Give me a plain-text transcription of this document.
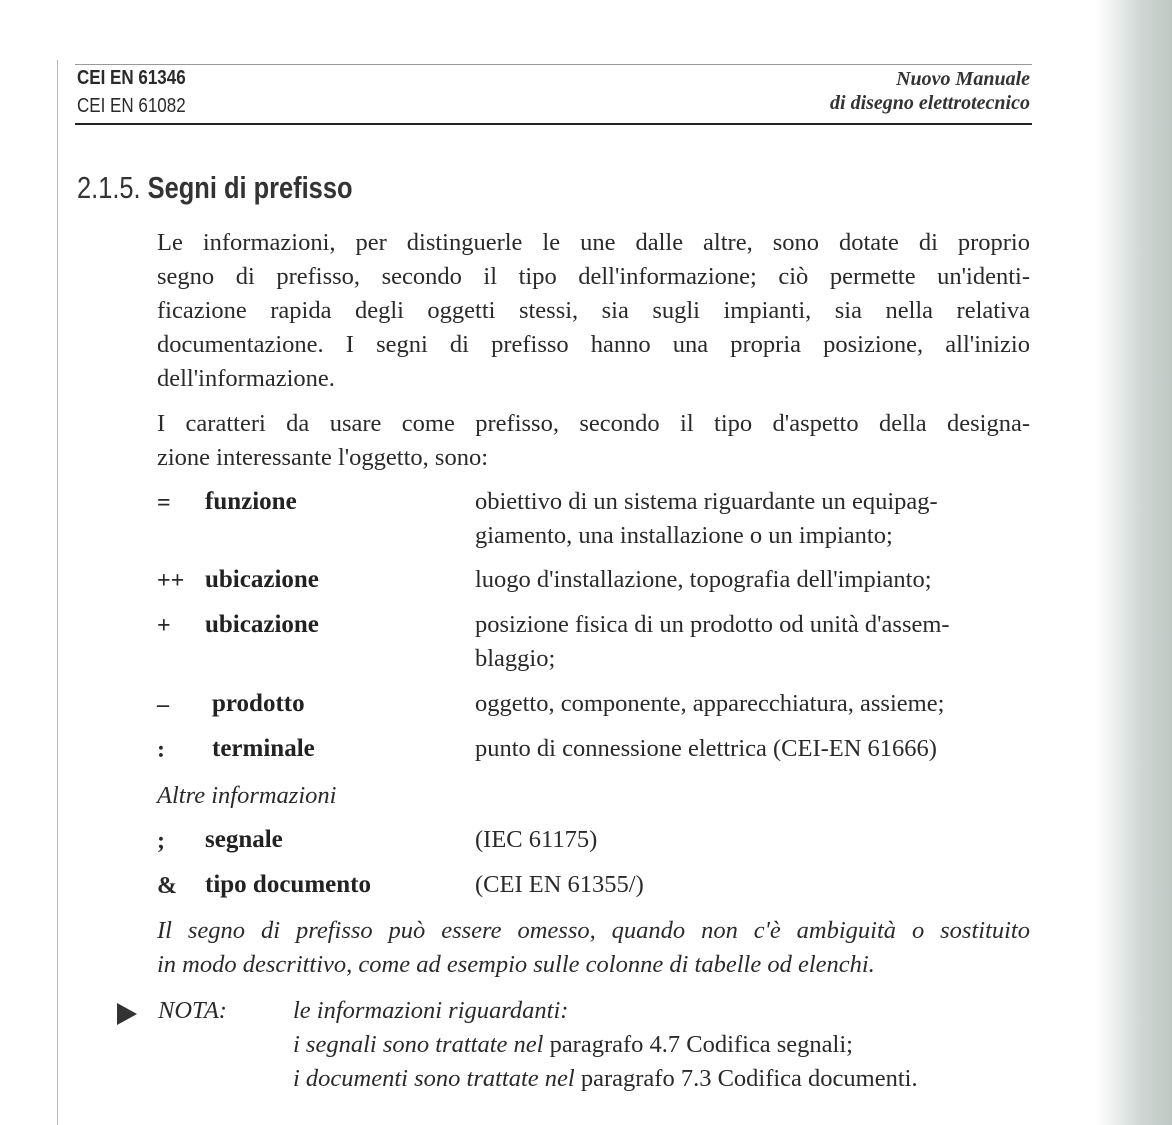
CEI EN 61346
CEI EN 61082
Nuovo Manuale
di disegno elettrotecnico
2.1.5. Segni di prefisso
Le informazioni, per distinguerle le une dalle altre, sono dotate di proprio
segno di prefisso, secondo il tipo dell'informazione; ciò permette un'identi-
ficazione rapida degli oggetti stessi, sia sugli impianti, sia nella relativa
documentazione. I segni di prefisso hanno una propria posizione, all'inizio
dell'informazione.
I caratteri da usare come prefisso, secondo il tipo d'aspetto della designa-
zione interessante l'oggetto, sono:
= funzione	obiettivo di un sistema riguardante un equipag-
giamento, una installazione o un impianto;
++ ubicazione	luogo d'installazione, topografia dell'impianto;
+ ubicazione	posizione fisica di un prodotto od unità d'assem-
blaggio;
– prodotto	oggetto, componente, apparecchiatura, assieme;
: terminale	punto di connessione elettrica (CEI-EN 61666)
Altre informazioni
; segnale	(IEC 61175)
& tipo documento	(CEI EN 61355/)
Il segno di prefisso può essere omesso, quando non c'è ambiguità o sostituito
in modo descrittivo, come ad esempio sulle colonne di tabelle od elenchi.
NOTA:	le informazioni riguardanti:
i segnali sono trattate nel paragrafo 4.7 Codifica segnali;
i documenti sono trattate nel paragrafo 7.3 Codifica documenti.
